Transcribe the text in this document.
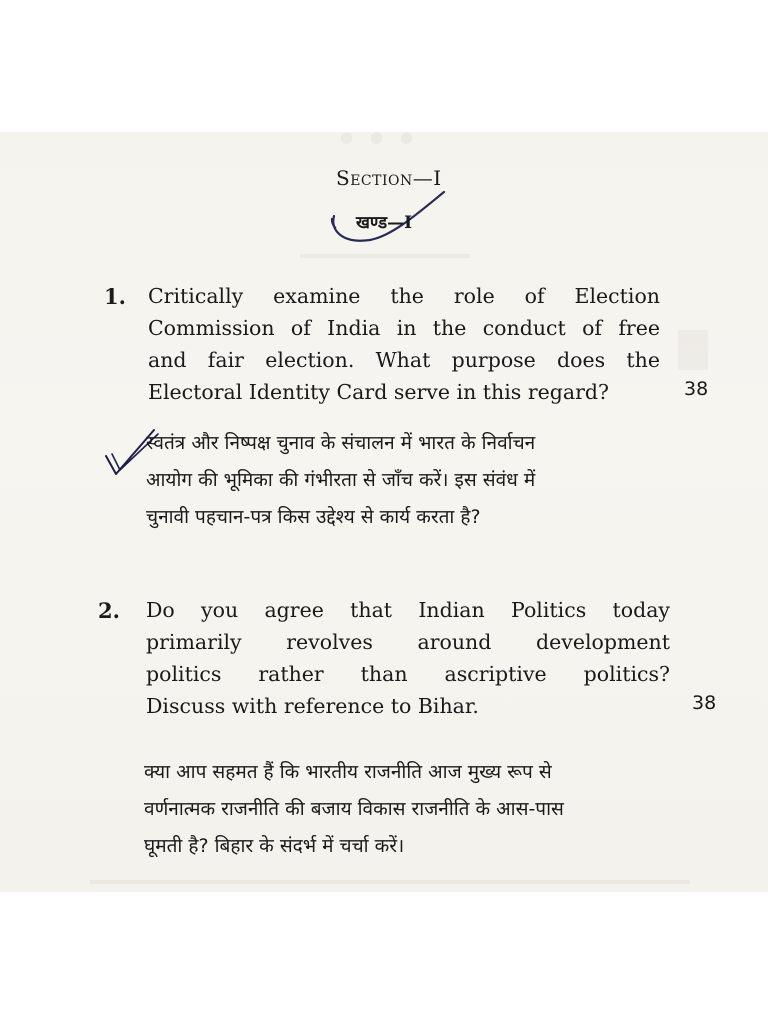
● ● ●
Section—I
खण्ड—I
1. Critically examine the role of Election
Commission of India in the conduct of free
and fair election. What purpose does the
Electoral Identity Card serve in this regard?	38
स्वतंत्र और निष्पक्ष चुनाव के संचालन में भारत के निर्वाचन
आयोग की भूमिका की गंभीरता से जाँच करें। इस संवंध में
चुनावी पहचान-पत्र किस उद्देश्य से कार्य करता है?
2. Do you agree that Indian Politics today
primarily revolves around development
politics rather than ascriptive politics?
Discuss with reference to Bihar.	38
क्या आप सहमत हैं कि भारतीय राजनीति आज मुख्य रूप से
वर्णनात्मक राजनीति की बजाय विकास राजनीति के आस-पास
घूमती है? बिहार के संदर्भ में चर्चा करें।
